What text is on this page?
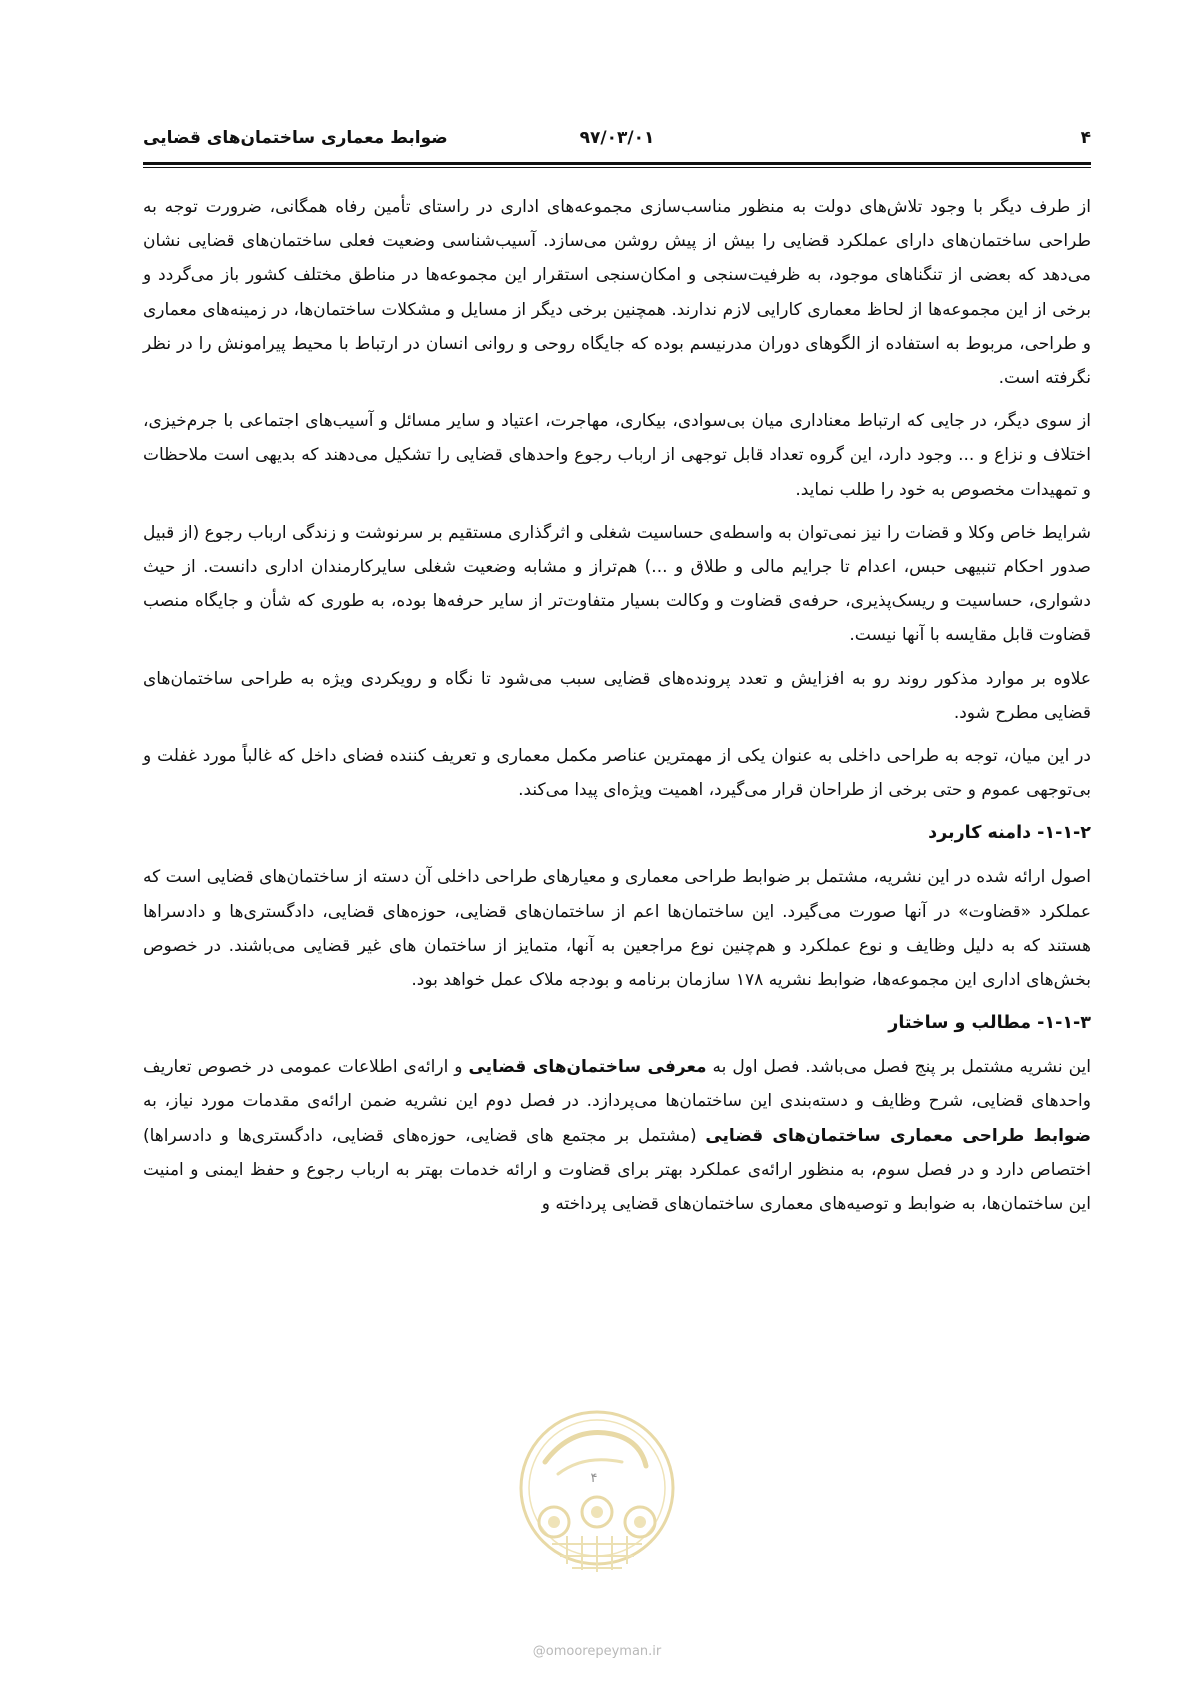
۴
۹۷/۰۳/۰۱
ضوابط معماری ساختمان‌های قضایی

از طرف دیگر با وجود تلاش‌های دولت به منظور مناسب‌سازی مجموعه‌های اداری در راستای تأمین رفاه همگانی، ضرورت توجه به طراحی ساختمان‌های دارای عملکرد قضایی را بیش از پیش روشن می‌سازد. آسیب‌شناسی وضعیت فعلی ساختمان‌های قضایی نشان می‌دهد که بعضی از تنگناهای موجود، به ظرفیت‌سنجی و امکان‌سنجی استقرار این مجموعه‌ها در مناطق مختلف کشور باز می‌گردد و برخی از این مجموعه‌ها از لحاظ معماری کارایی لازم ندارند. همچنین برخی دیگر از مسایل و مشکلات ساختمان‌ها، در زمینه‌های معماری و طراحی، مربوط به استفاده از الگوهای دوران مدرنیسم بوده که جایگاه روحی و روانی انسان در ارتباط با محیط پیرامونش را در نظر نگرفته است.

از سوی دیگر، در جایی که ارتباط معناداری میان بی‌سوادی، بیکاری، مهاجرت، اعتیاد و سایر مسائل و آسیب‌های اجتماعی با جرم‌خیزی، اختلاف و نزاع و ... وجود دارد، این گروه تعداد قابل توجهی از ارباب رجوع واحدهای قضایی را تشکیل می‌دهند که بدیهی است ملاحظات و تمهیدات مخصوص به خود را طلب نماید.

شرایط خاص وکلا و قضات را نیز نمی‌توان به واسطه‌ی حساسیت شغلی و اثرگذاری مستقیم بر سرنوشت و زندگی ارباب رجوع (از قبیل صدور احکام تنبیهی حبس، اعدام تا جرایم مالی و طلاق و ...) هم‌تراز و مشابه وضعیت شغلی سایرکارمندان اداری دانست. از حیث دشواری، حساسیت و ریسک‌پذیری، حرفه‌ی قضاوت و وکالت بسیار متفاوت‌تر از سایر حرفه‌ها بوده، به طوری که شأن و جایگاه منصب قضاوت قابل مقایسه با آنها نیست.

علاوه بر موارد مذکور روند رو به افزایش و تعدد پرونده‌های قضایی سبب می‌شود تا نگاه و رویکردی ویژه به طراحی ساختمان‌های قضایی مطرح شود.

در این میان، توجه به طراحی داخلی به عنوان یکی از مهمترین عناصر مکمل معماری و تعریف کننده فضای داخل که غالباً مورد غفلت و بی‌توجهی عموم و حتی برخی از طراحان قرار می‌گیرد، اهمیت ویژه‌ای پیدا می‌کند.

۱-۱-۲- دامنه کاربرد

اصول ارائه شده در این نشریه، مشتمل بر ضوابط طراحی معماری و معیارهای طراحی داخلی آن دسته از ساختمان‌های قضایی است که عملکرد «قضاوت» در آنها صورت می‌گیرد. این ساختمان‌ها اعم از ساختمان‌های قضایی، حوزه‌های قضایی، دادگستری‌ها و دادسراها هستند که به دلیل وظایف و نوع عملکرد و هم‌چنین نوع مراجعین به آنها، متمایز از ساختمان های غیر قضایی می‌باشند. در خصوص بخش‌های اداری این مجموعه‌ها، ضوابط نشریه ۱۷۸ سازمان برنامه و بودجه ملاک عمل خواهد بود.

۱-۱-۳- مطالب و ساختار

این نشریه مشتمل بر پنج فصل می‌باشد. فصل اول به معرفی ساختمان‌های قضایی و ارائه‌ی اطلاعات عمومی در خصوص تعاریف واحدهای قضایی، شرح وظایف و دسته‌بندی این ساختمان‌ها می‌پردازد. در فصل دوم این نشریه ضمن ارائه‌ی مقدمات مورد نیاز، به ضوابط طراحی معماری ساختمان‌های قضایی (مشتمل بر مجتمع های قضایی، حوزه‌های قضایی، دادگستری‌ها و دادسراها) اختصاص دارد و در فصل سوم، به منظور ارائه‌ی عملکرد بهتر برای قضاوت و ارائه خدمات بهتر به ارباب رجوع و حفظ ایمنی و امنیت این ساختمان‌ها، به ضوابط و توصیه‌های معماری ساختمان‌های قضایی پرداخته و

۴
@omoorepeyman.ir
